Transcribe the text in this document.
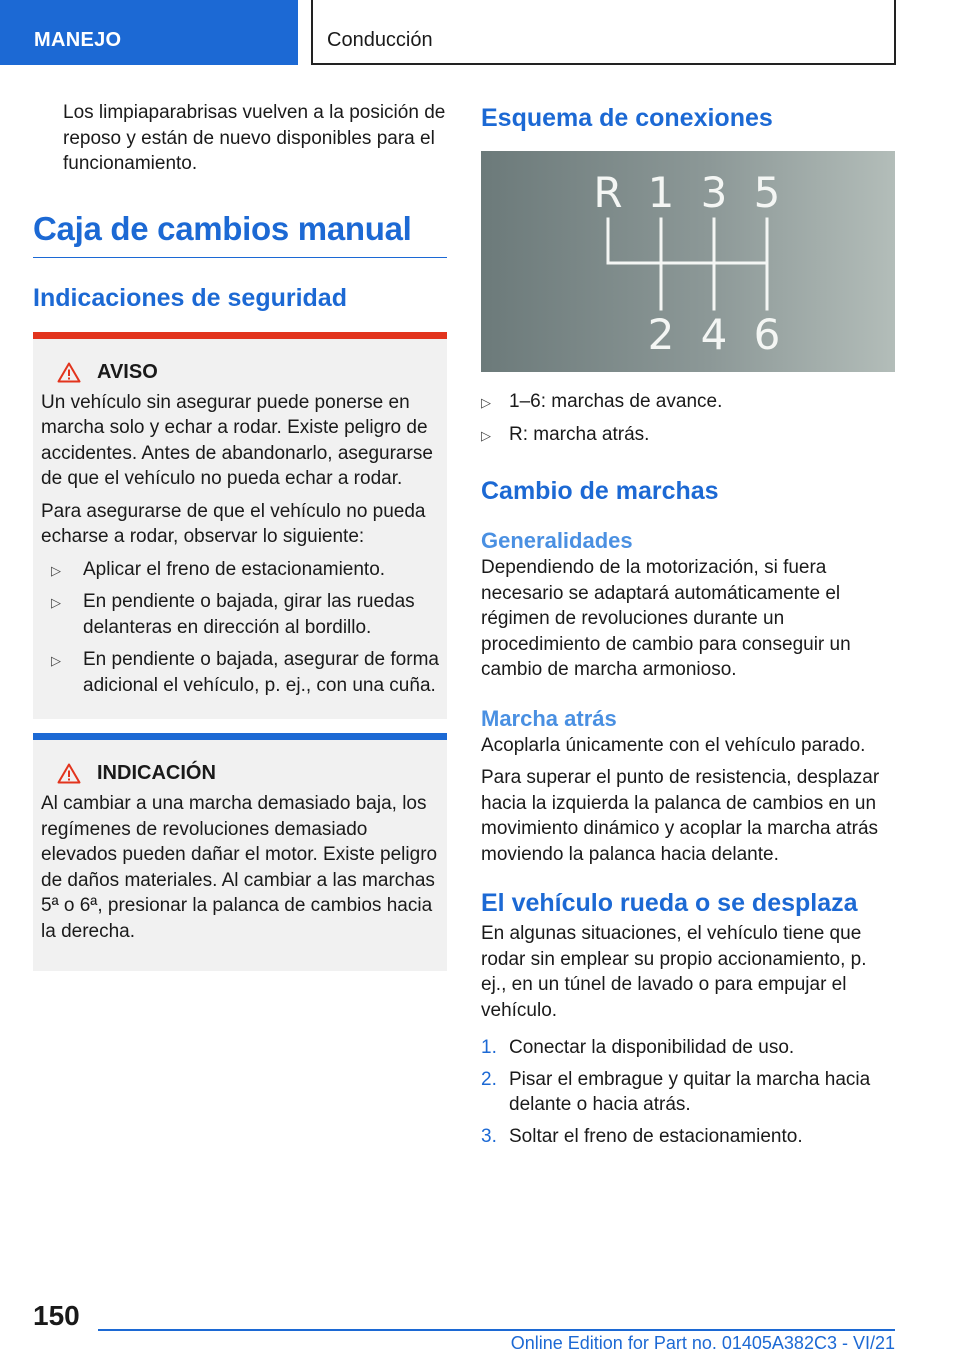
MANEJO	Conducción

Los limpiaparabrisas vuelven a la posición de reposo y están de nuevo disponibles para el funcionamiento.

Caja de cambios manual
Indicaciones de seguridad
AVISO

Un vehículo sin asegurar puede ponerse en marcha solo y echar a rodar. Existe peligro de accidentes. Antes de abandonarlo, asegurarse de que el vehículo no pueda echar a rodar.

Para asegurarse de que el vehículo no pueda echarse a rodar, observar lo siguiente:

▷ Aplicar el freno de estacionamiento.
▷ En pendiente o bajada, girar las ruedas delanteras en dirección al bordillo.
▷ En pendiente o bajada, asegurar de forma adicional el vehículo, p. ej., con una cuña.
INDICACIÓN

Al cambiar a una marcha demasiado baja, los regímenes de revoluciones demasiado elevados pueden dañar el motor. Existe peligro de daños materiales. Al cambiar a las marchas 5ª o 6ª, presionar la palanca de cambios hacia la derecha.

Esquema de conexiones
R 1 3 5
2 4 6
▷ 1–6: marchas de avance.
▷ R: marcha atrás.
Cambio de marchas
Generalidades

Dependiendo de la motorización, si fuera necesario se adaptará automáticamente el régimen de revoluciones durante un procedimiento de cambio para conseguir un cambio de marcha armonioso.

Marcha atrás

Acoplarla únicamente con el vehículo parado.

Para superar el punto de resistencia, desplazar hacia la izquierda la palanca de cambios en un movimiento dinámico y acoplar la marcha atrás moviendo la palanca hacia delante.

El vehículo rueda o se desplaza

En algunas situaciones, el vehículo tiene que rodar sin emplear su propio accionamiento, p. ej., en un túnel de lavado o para empujar el vehículo.

1. Conectar la disponibilidad de uso.
2. Pisar el embrague y quitar la marcha hacia delante o hacia atrás.
3. Soltar el freno de estacionamiento.
150
Online Edition for Part no. 01405A382C3 - VI/21
